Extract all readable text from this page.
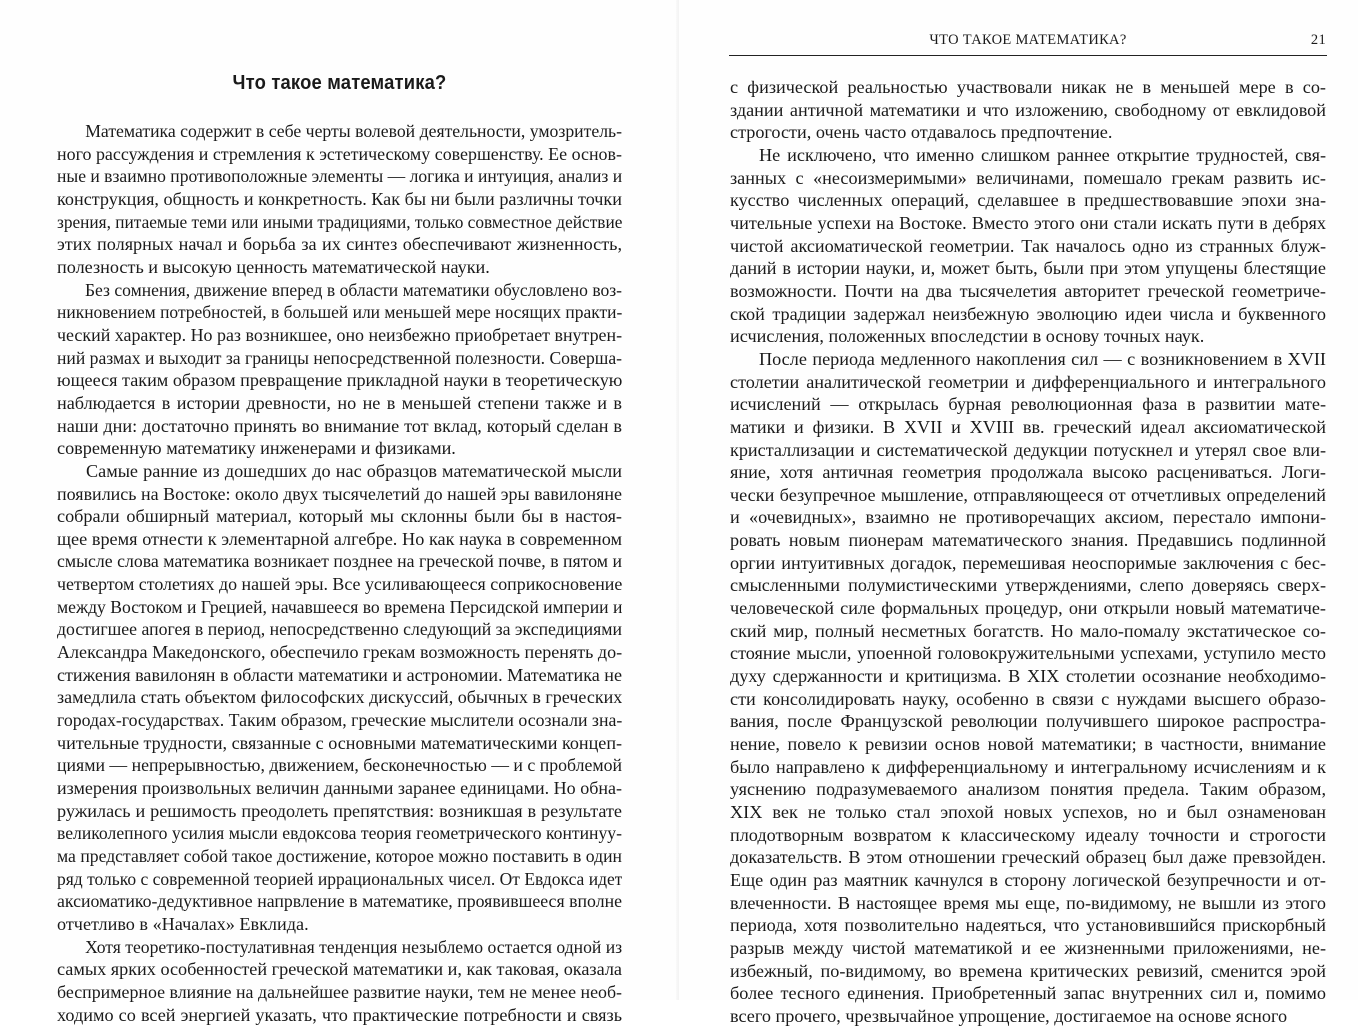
Что такое математика?

Математика содержит в себе черты волевой деятельности, умозритель-
ного рассуждения и стремления к эстетическому совершенству. Ее основ-
ные и взаимно противоположные элементы — логика и интуиция, анализ и
конструкция, общность и конкретность. Как бы ни были различны точки
зрения, питаемые теми или иными традициями, только совместное действие
этих полярных начал и борьба за их синтез обеспечивают жизненность,
полезность и высокую ценность математической науки.

Без сомнения, движение вперед в области математики обусловлено воз-
никновением потребностей, в большей или меньшей мере носящих практи-
ческий характер. Но раз возникшее, оно неизбежно приобретает внутрен-
ний размах и выходит за границы непосредственной полезности. Соверша-
ющееся таким образом превращение прикладной науки в теоретическую
наблюдается в истории древности, но не в меньшей степени также и в
наши дни: достаточно принять во внимание тот вклад, который сделан в
современную математику инженерами и физиками.

Самые ранние из дошедших до нас образцов математической мысли
появились на Востоке: около двух тысячелетий до нашей эры вавилоняне
собрали обширный материал, который мы склонны были бы в настоя-
щее время отнести к элементарной алгебре. Но как наука в современном
смысле слова математика возникает позднее на греческой почве, в пятом и
четвертом столетиях до нашей эры. Все усиливающееся соприкосновение
между Востоком и Грецией, начавшееся во времена Персидской империи и
достигшее апогея в период, непосредственно следующий за экспедициями
Александра Македонского, обеспечило грекам возможность перенять до-
стижения вавилонян в области математики и астрономии. Математика не
замедлила стать объектом философских дискуссий, обычных в греческих
городах-государствах. Таким образом, греческие мыслители осознали зна-
чительные трудности, связанные с основными математическими концеп-
циями — непрерывностью, движением, бесконечностью — и с проблемой
измерения произвольных величин данными заранее единицами. Но обна-
ружилась и решимость преодолеть препятствия: возникшая в результате
великолепного усилия мысли евдоксова теория геометрического континуу-
ма представляет собой такое достижение, которое можно поставить в один
ряд только с современной теорией иррациональных чисел. От Евдокса идет
аксиоматико-дедуктивное напрвление в математике, проявившееся вполне
отчетливо в «Началах» Евклида.

Хотя теоретико-постулативная тенденция незыблемо остается одной из
самых ярких особенностей греческой математики и, как таковая, оказала
беспримерное влияние на дальнейшее развитие науки, тем не менее необ-
ходимо со всей энергией указать, что практические потребности и связь

ЧТО ТАКОЕ МАТЕМАТИКА?	21

с физической реальностью участвовали никак не в меньшей мере в со-
здании античной математики и что изложению, свободному от евклидовой
строгости, очень часто отдавалось предпочтение.

Не исключено, что именно слишком раннее открытие трудностей, свя-
занных с «несоизмеримыми» величинами, помешало грекам развить ис-
кусство численных операций, сделавшее в предшествовавшие эпохи зна-
чительные успехи на Востоке. Вместо этого они стали искать пути в дебрях
чистой аксиоматической геометрии. Так началось одно из странных блуж-
даний в истории науки, и, может быть, были при этом упущены блестящие
возможности. Почти на два тысячелетия авторитет греческой геометриче-
ской традиции задержал неизбежную эволюцию идеи числа и буквенного
исчисления, положенных впоследстии в основу точных наук.

После периода медленного накопления сил — с возникновением в XVII
столетии аналитической геометрии и дифференциального и интегрального
исчислений — открылась бурная революционная фаза в развитии мате-
матики и физики. В XVII и XVIII вв. греческий идеал аксиоматической
кристаллизации и систематической дедукции потускнел и утерял свое вли-
яние, хотя античная геометрия продолжала высоко расцениваться. Логи-
чески безупречное мышление, отправляющееся от отчетливых определений
и «очевидных», взаимно не противоречащих аксиом, перестало импони-
ровать новым пионерам математического знания. Предавшись подлинной
оргии интуитивных догадок, перемешивая неоспоримые заключения с бес-
смысленными полумистическими утверждениями, слепо доверяясь сверх-
человеческой силе формальных процедур, они открыли новый математиче-
ский мир, полный несметных богатств. Но мало-помалу экстатическое со-
стояние мысли, упоенной головокружительными успехами, уступило место
духу сдержанности и критицизма. В XIX столетии осознание необходимо-
сти консолидировать науку, особенно в связи с нуждами высшего образо-
вания, после Французской революции получившего широкое распростра-
нение, повело к ревизии основ новой математики; в частности, внимание
было направлено к дифференциальному и интегральному исчислениям и к
уяснению подразумеваемого анализом понятия предела. Таким образом,
XIX век не только стал эпохой новых успехов, но и был ознаменован
плодотворным возвратом к классическому идеалу точности и строгости
доказательств. В этом отношении греческий образец был даже превзойден.
Еще один раз маятник качнулся в сторону логической безупречности и от-
влеченности. В настоящее время мы еще, по-видимому, не вышли из этого
периода, хотя позволительно надеяться, что установившийся прискорбный
разрыв между чистой математикой и ее жизненными приложениями, не-
избежный, по-видимому, во времена критических ревизий, сменится эрой
более тесного единения. Приобретенный запас внутренних сил и, помимо
всего прочего, чрезвычайное упрощение, достигаемое на основе ясного
